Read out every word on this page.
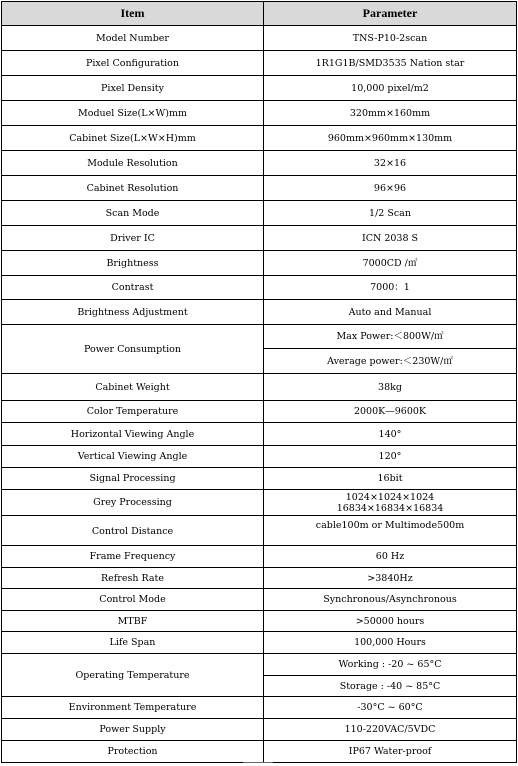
Item	Parameter
Model Number	TNS-P10-2scan
Pixel Configuration	1R1G1B/SMD3535 Nation star
Pixel Density	10,000 pixel/m2
Moduel Size(L×W)mm	320mm×160mm
Cabinet Size(L×W×H)mm	960mm×960mm×130mm
Module Resolution	32×16
Cabinet Resolution	96×96
Scan Mode	1/2 Scan
Driver IC	ICN 2038 S
Brightness	7000CD /㎡
Contrast	7000：1
Brightness Adjustment	Auto and Manual
Power Consumption	Max Power:＜800W/㎡
	Average power:＜230W/㎡
Cabinet Weight	38kg
Color Temperature	2000K—9600K
Horizontal Viewing Angle	140°
Vertical Viewing Angle	120°
Signal Processing	16bit
Grey Processing	1024×1024×1024
16834×16834×16834

Control Distance	cable100m or Multimode500m
Frame Frequency	60 Hz
Refresh Rate	>3840Hz
Control Mode	Synchronous/Asynchronous
MTBF	>50000 hours
Life Span	100,000 Hours
Operating Temperature	Working : -20 ~ 65°C
	Storage : -40 ~ 85°C
Environment Temperature	-30°C ~ 60°C
Power Supply	110-220VAC/5VDC
Protection	IP67 Water-proof
